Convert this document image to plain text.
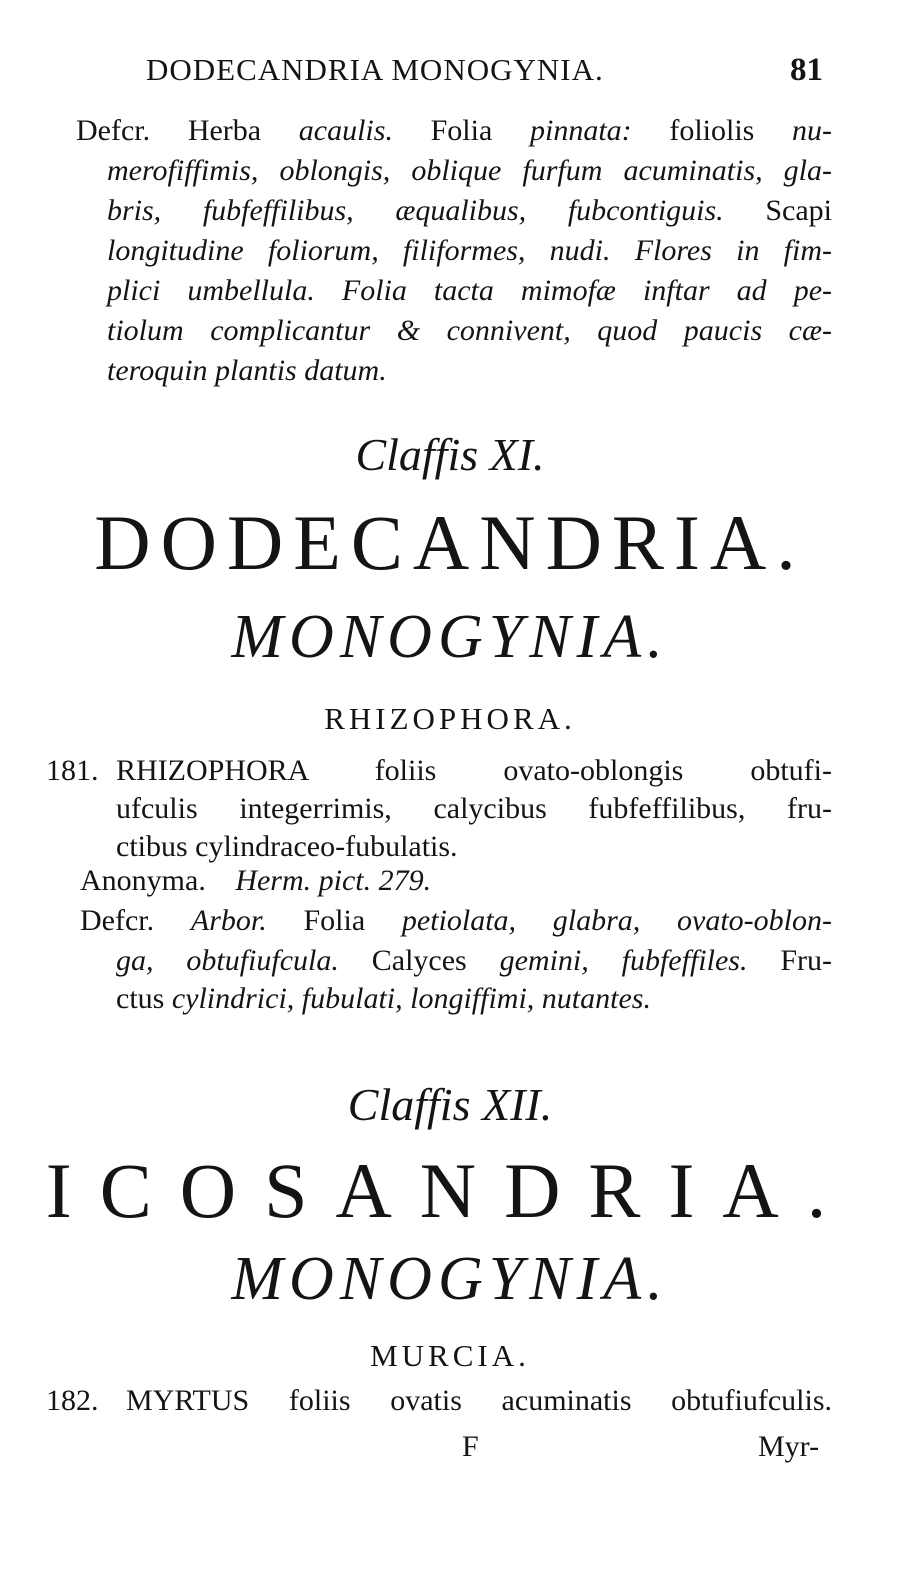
DODECANDRIA MONOGYNIA.	81
Defcr. Herba acaulis. Folia pinnata: foliolis nu-
merofiffimis, oblongis, oblique furfum acuminatis, gla-
bris, fubfeffilibus, æqualibus, fubcontiguis. Scapi
longitudine foliorum, filiformes, nudi. Flores in fim-
plici umbellula. Folia tacta mimofæ inftar ad pe-
tiolum complicantur & connivent, quod paucis cæ-
teroquin plantis datum.
Claffis XI.
DODECANDRIA.
MONOGYNIA.
RHIZOPHORA.
181. RHIZOPHORA foliis ovato-oblongis obtufi-
ufculis integerrimis, calycibus fubfeffilibus, fru-
ctibus cylindraceo-fubulatis.
Anonyma. Herm. pict. 279.
Defcr. Arbor. Folia petiolata, glabra, ovato-oblon-
ga, obtufiufcula. Calyces gemini, fubfeffiles. Fru-
ctus cylindrici, fubulati, longiffimi, nutantes.
Claffis XII.
ICOSANDRIA.
MONOGYNIA.
MURCIA.
182. MYRTUS foliis ovatis acuminatis obtufiufculis.
F	Myr-
